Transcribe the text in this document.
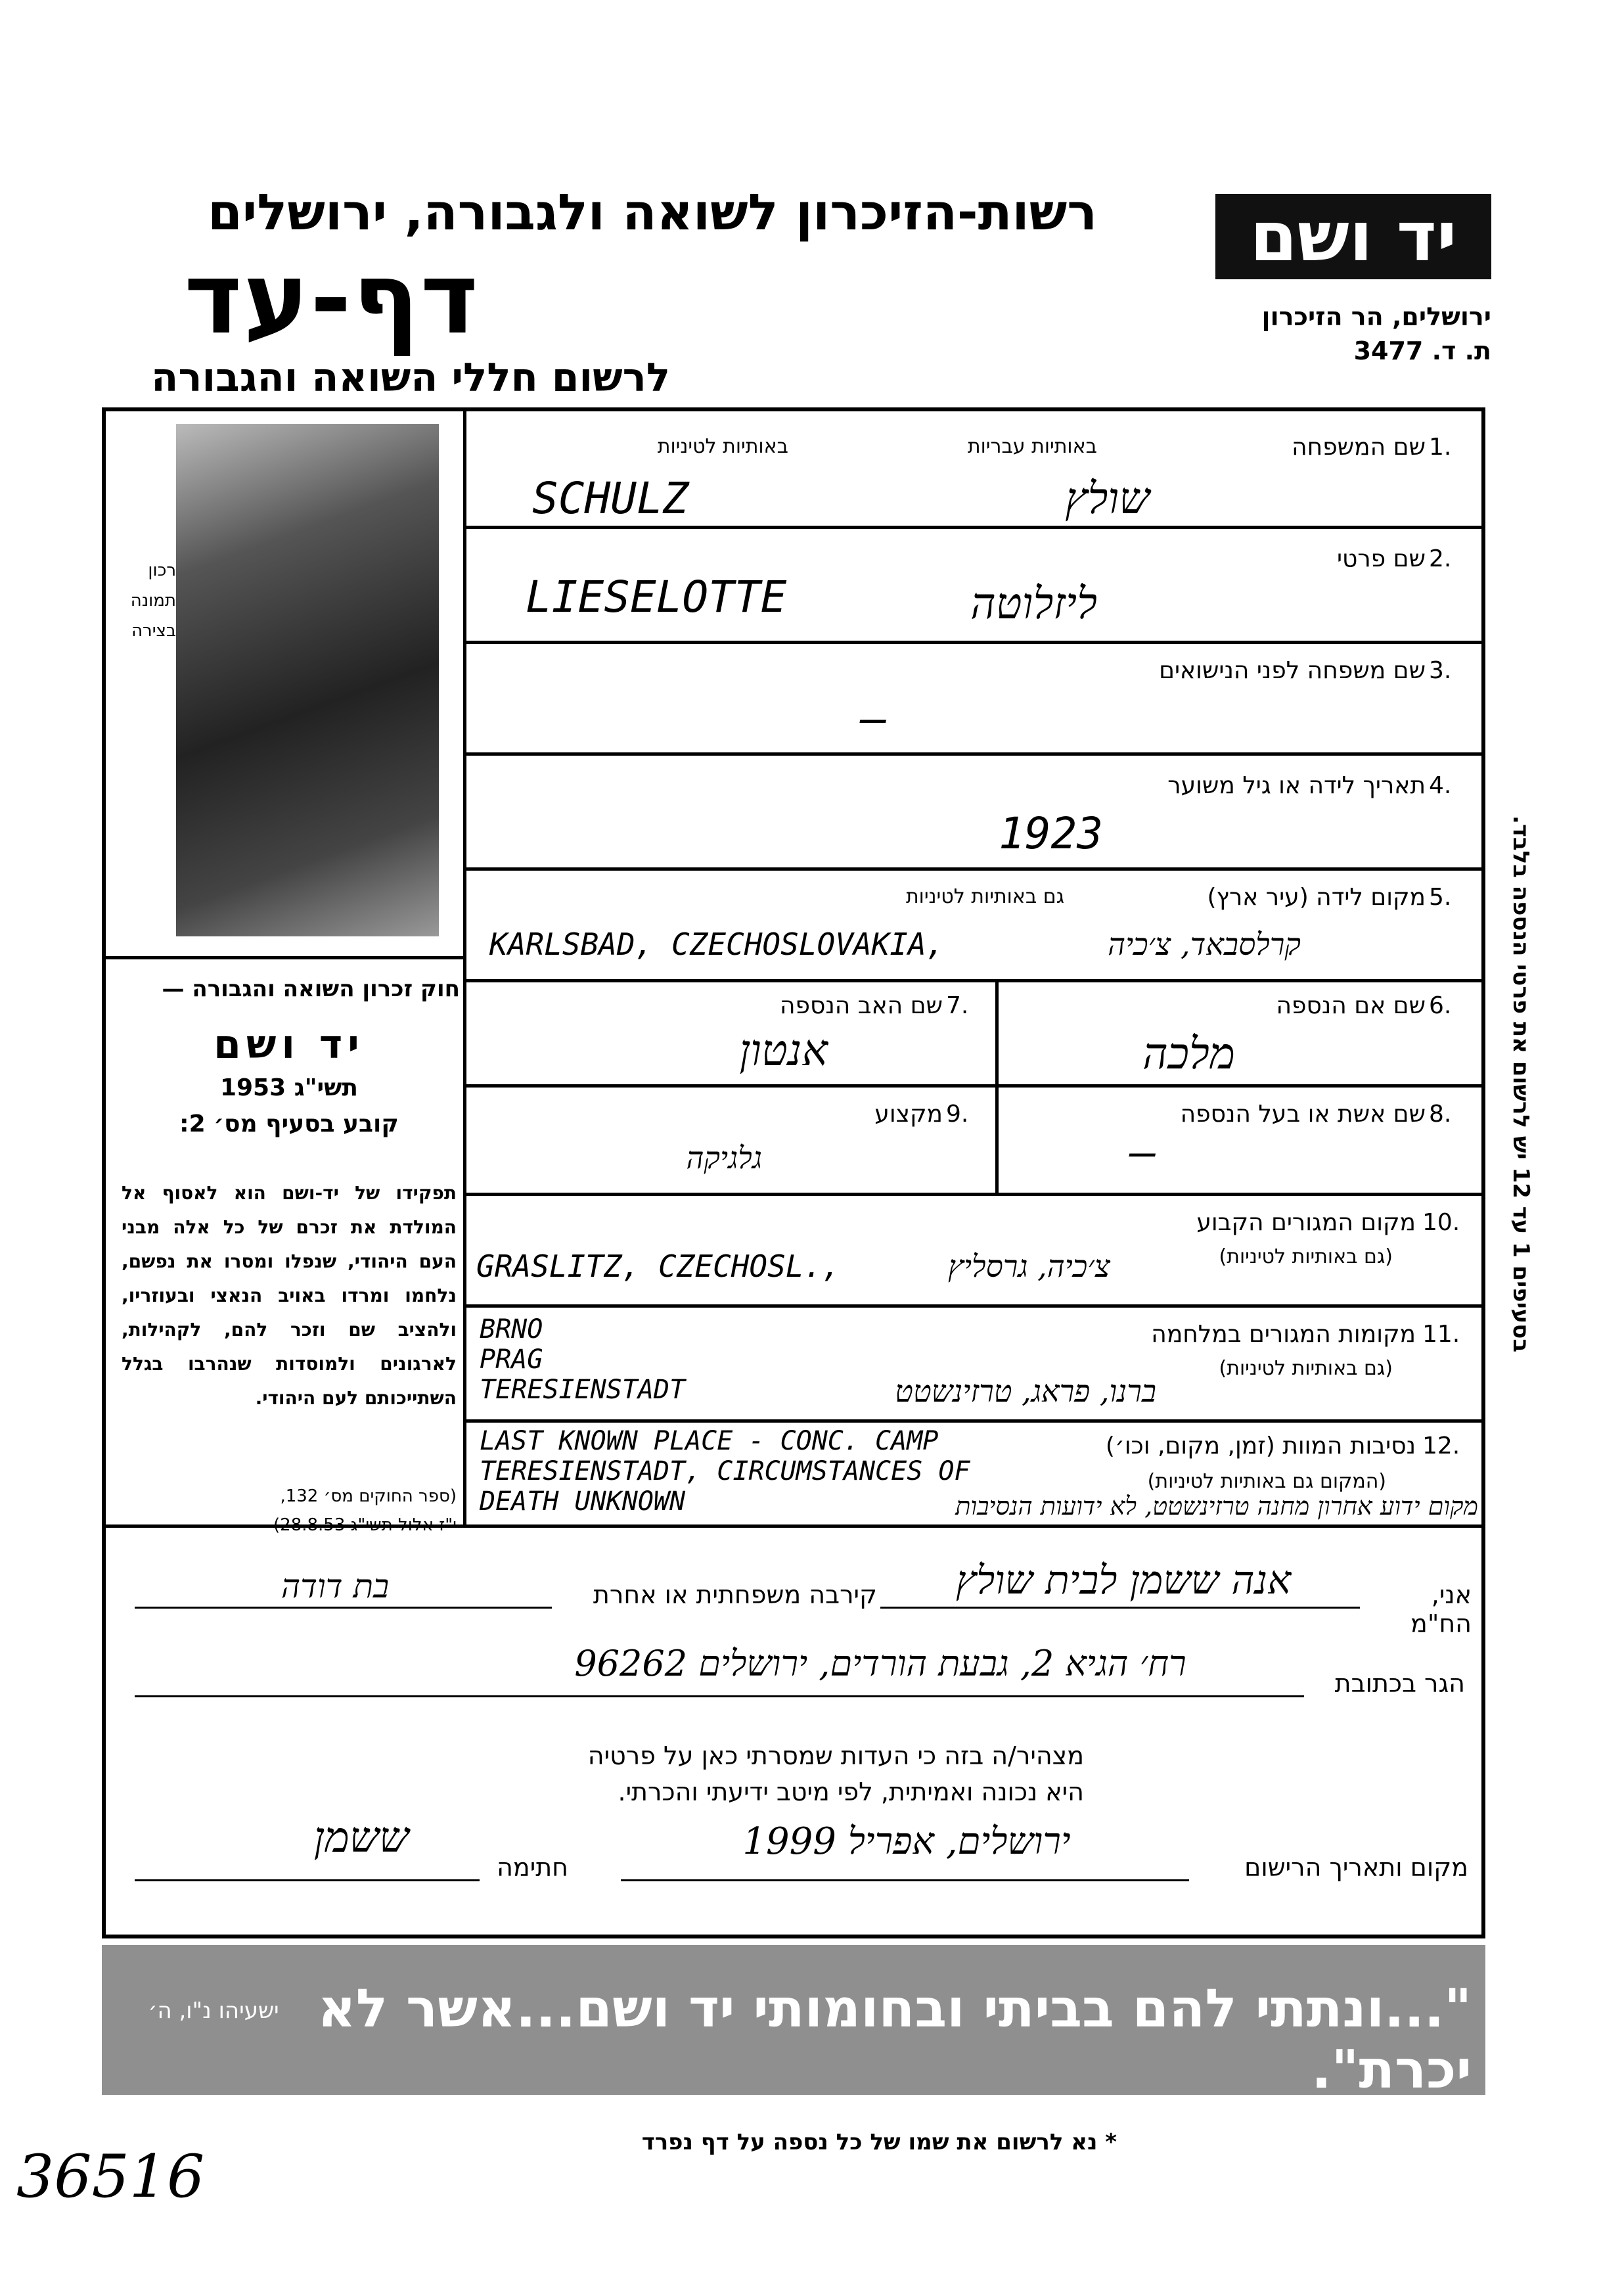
רשות-הזיכרון לשואה ולגבורה, ירושלים
דף-עד
לרשום חללי השואה והגבורה
יד ושם
ירושלים, הר הזיכרון
ת. ד. 3477
רכון
תמונה
בצירה
חוק זכרון השואה והגבורה —
יד ושם
תשי"ג 1953
קובע בסעיף מס׳ 2:
תפקידו של יד-ושם הוא לאסוף אל המולדת את זכרם של כל אלה מבני העם היהודי, שנפלו ומסרו את נפשם, נלחמו ומרדו באויב הנאצי ובעוזריו, ולהציב שם וזכר להם, לקהילות, לארגונים ולמוסדות שנהרבו בגלל השתייכותם לעם היהודי.
(ספר החוקים מס׳ 132,
י"ז אלול תשי"ג 28.8.53)
1.
שם המשפחה
באותיות עבריות
באותיות לטיניות
SCHULZ	שולץ
2.
שם פרטי
LIESELOTTE	ליזלוטה
3.
שם משפחה לפני הנישואים
—
4.
תאריך לידה או גיל משוער
1923
5.
מקום לידה (עיר ארץ)
גם באותיות לטיניות
KARLSBAD, CZECHOSLOVAKIA,	קרלסבאד, צ׳כיה
6.
שם אם הנספה
מלכה
7.
שם האב הנספה
אנטון
8.
שם אשת או בעל הנספה
—
9.
מקצוע
גלגיקה
10.
מקום המגורים הקבוע
(גם באותיות לטיניות)
GRASLITZ, CZECHOSL.,	צ׳כיה, גרסליץ
11.
מקומות המגורים במלחמה
(גם באותיות לטיניות)
BRNO
PRAG
TERESIENSTADT	ברנו, פראג, טרזינשטט
12.
נסיבות המוות (זמן, מקום, וכו׳)
(המקום גם באותיות לטיניות)
LAST KNOWN PLACE - CONC. CAMP
TERESIENSTADT, CIRCUMSTANCES OF
DEATH UNKNOWN	מקום ידוע אחרון מחנה טרזינשטט, לא ידועות הנסיבות
בסעיפים 1 עד 12 יש לרשום את פרטי הנספה בלבד.
אני, הח"מ
אנה ששמן לבית שולץ
קירבה משפחתית או אחרת
בת דודה
הגר בכתובת
רח׳ הגיא 2, גבעת הורדים, ירושלים 96262
מצהיר/ה בזה כי העדות שמסרתי כאן על פרטיה
היא נכונה ואמיתית, לפי מיטב ידיעתי והכרתי.
מקום ותאריך הרישום
ירושלים, אפריל 1999
חתימה
ששמן
"...ונתתי להם בביתי ובחומותי יד ושם...אשר לא יכרת".
ישעיהו נ"ו, ה׳
* נא לרשום את שמו של כל נספה על דף נפרד
36516
